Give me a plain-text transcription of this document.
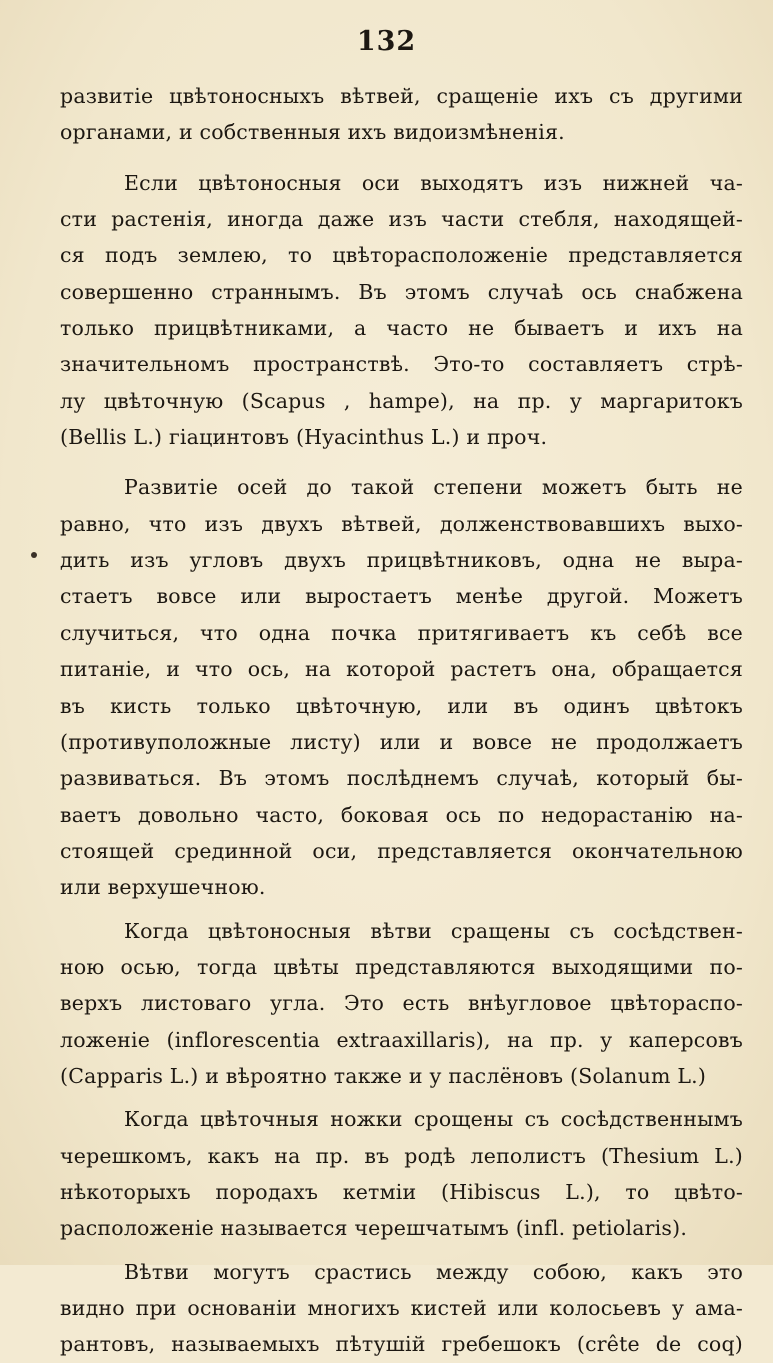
132
развитіе цвѣтоносныхъ вѣтвей, сращеніе ихъ съ другими
органами, и собственныя ихъ видоизмѣненія.
Если цвѣтоносныя оси выходятъ изъ нижней ча-
сти растенія, иногда даже изъ части стебля, находящей-
ся подъ землею, то цвѣторасположеніе представляется
совершенно страннымъ. Въ этомъ случаѣ ось снабжена
только прицвѣтниками, а часто не бываетъ и ихъ на
значительномъ пространствѣ. Это-то составляетъ стрѣ-
лу цвѣточную (Scapus , hampe), на пр. у маргаритокъ
(Bellis L.) гіацинтовъ (Hyacinthus L.) и проч.
Развитіе осей до такой степени можетъ быть не
равно, что изъ двухъ вѣтвей, долженствовавшихъ выхо-
дить изъ угловъ двухъ прицвѣтниковъ, одна не выра-
стаетъ вовсе или выростаетъ менѣе другой. Можетъ
случиться, что одна почка притягиваетъ къ себѣ все
питаніе, и что ось, на которой растетъ она, обращается
въ кисть только цвѣточную, или въ одинъ цвѣтокъ
(противуположные листу) или и вовсе не продолжаетъ
развиваться. Въ этомъ послѣднемъ случаѣ, который бы-
ваетъ довольно часто, боковая ось по недорастанію на-
стоящей срединной оси, представляется окончательною
или верхушечною.
Когда цвѣтоносныя вѣтви сращены съ сосѣдствен-
ною осью, тогда цвѣты представляются выходящими по-
верхъ листоваго угла. Это есть внѣугловое цвѣтораспо-
ложеніе (inflorescentia extraaxillaris), на пр. у каперсовъ
(Capparis L.) и вѣроятно также и у паслёновъ (Solanum L.)
Когда цвѣточныя ножки срощены съ сосѣдственнымъ
черешкомъ, какъ на пр. въ родѣ леполистъ (Thesium L.)
нѣкоторыхъ породахъ кетміи (Hibiscus L.), то цвѣто-
расположеніе называется черешчатымъ (infl. petiolaris).
Вѣтви могутъ срастись между собою, какъ это
видно при основаніи многихъ кистей или колосьевъ у ама-
рантовъ, называемыхъ пѣтушій гребешокъ (crête de coq)
